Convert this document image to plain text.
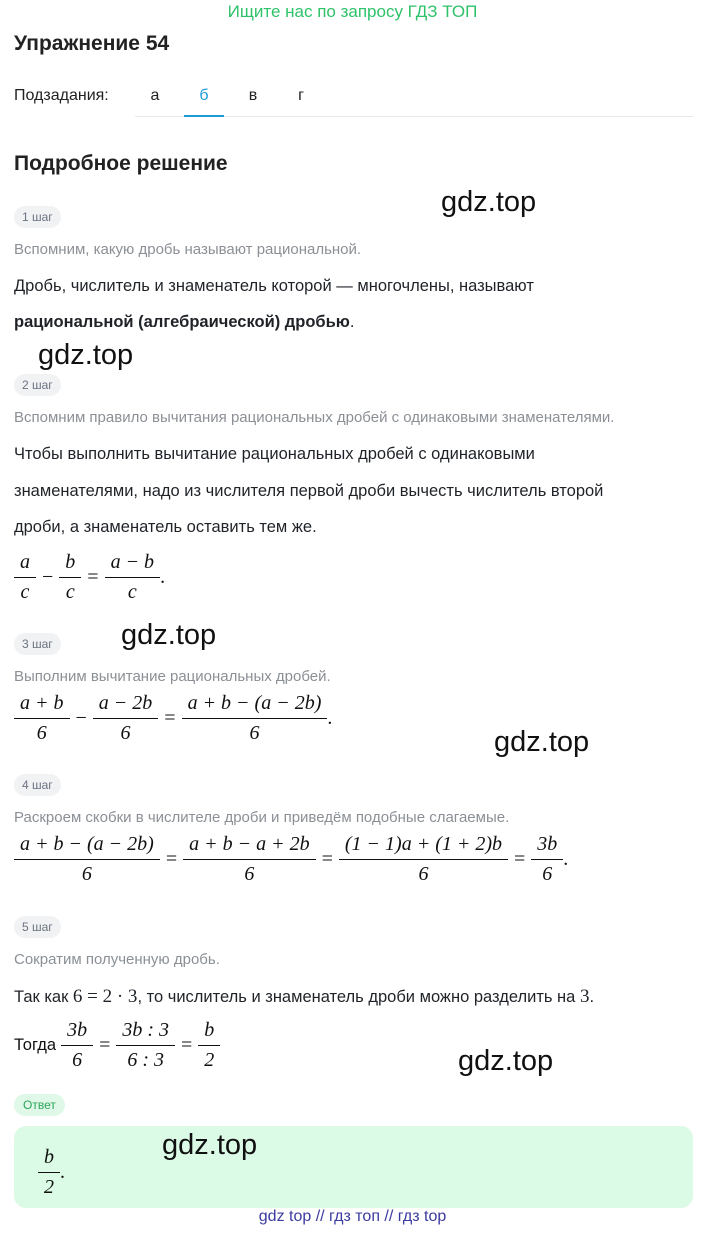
Ищите нас по запросу ГДЗ ТОП
Упражнение 54
Подзадания:	а	б	в	г
Подробное решение
1 шаг	gdz.top
Вспомним, какую дробь называют рациональной.
Дробь, числитель и знаменатель которой — многочлены, называют
рациональной (алгебраической) дробью.
gdz.top
2 шаг
Вспомним правило вычитания рациональных дробей с одинаковыми знаменателями.
Чтобы выполнить вычитание рациональных дробей с одинаковыми
знаменателями, надо из числителя первой дроби вычесть числитель второй
дроби, а знаменатель оставить тем же.
$\frac{a}{c} - \frac{b}{c} = \frac{a - b}{c}$ .
3 шаг gdz.top
Выполним вычитание рациональных дробей.
$\frac{a + b}{6} - \frac{a - 2b}{6} = \frac{a + b - (a - 2b)}{6}$ .
gdz.top
4 шаг
Раскроем скобки в числителе дроби и приведём подобные слагаемые.
$\frac{a + b - (a - 2b)}{6} = \frac{a + b - a + 2b}{6} = \frac{(1 - 1)a + (1 + 2)b}{6} = \frac{3b}{6}$ .
5 шаг
Сократим полученную дробь.
Так как 6 = 2 · 3, то числитель и знаменатель дроби можно разделить на 3.
Тогда $\frac{3b}{6} = \frac{3b : 3}{6 : 3} = \frac{b}{2}$	gdz.top
Ответ
$\frac{b}{2}$ .
gdz.top
gdz top // гдз топ // гдз top
